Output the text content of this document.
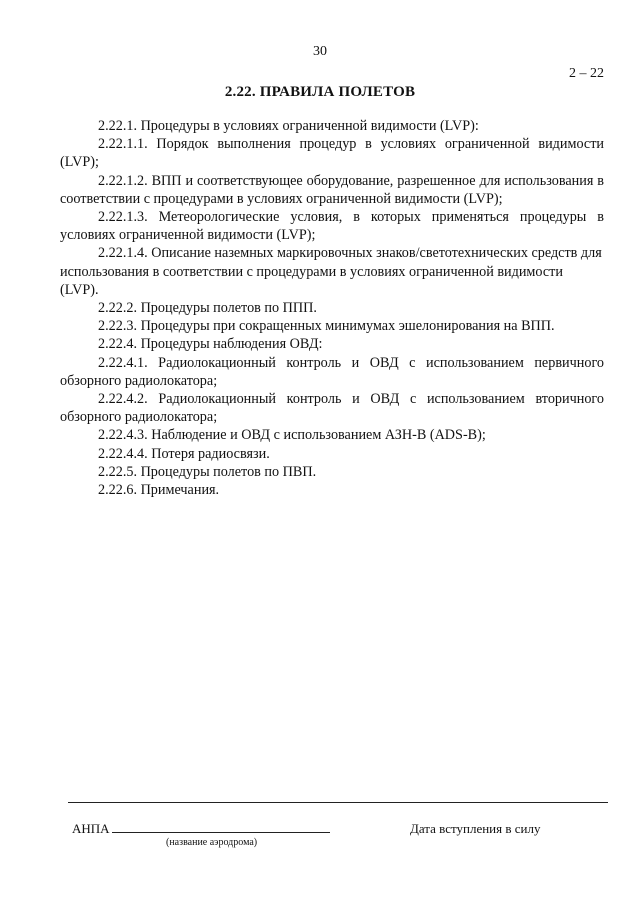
30
2 – 22
2.22. ПРАВИЛА ПОЛЕТОВ

2.22.1. Процедуры в условиях ограниченной видимости (LVP):

2.22.1.1. Порядок выполнения процедур в условиях ограниченной видимости (LVP);

2.22.1.2. ВПП и соответствующее оборудование, разрешенное для использования в соответствии с процедурами в условиях ограниченной видимости (LVP);

2.22.1.3. Метеорологические условия, в которых применяться процедуры в условиях ограниченной видимости (LVP);

2.22.1.4. Описание наземных маркировочных знаков/светотехнических средств для использования в соответствии с процедурами в условиях ограниченной видимости (LVP).

2.22.2. Процедуры полетов по ППП.

2.22.3. Процедуры при сокращенных минимумах эшелонирования на ВПП.

2.22.4. Процедуры наблюдения ОВД:

2.22.4.1. Радиолокационный контроль и ОВД с использованием первичного обзорного радиолокатора;

2.22.4.2. Радиолокационный контроль и ОВД с использованием вторичного обзорного радиолокатора;

2.22.4.3. Наблюдение и ОВД с использованием АЗН-В (ADS-B);

2.22.4.4. Потеря радиосвязи.

2.22.5. Процедуры полетов по ПВП.

2.22.6. Примечания.

АНПА
(название аэродрома)
Дата вступления в силу
